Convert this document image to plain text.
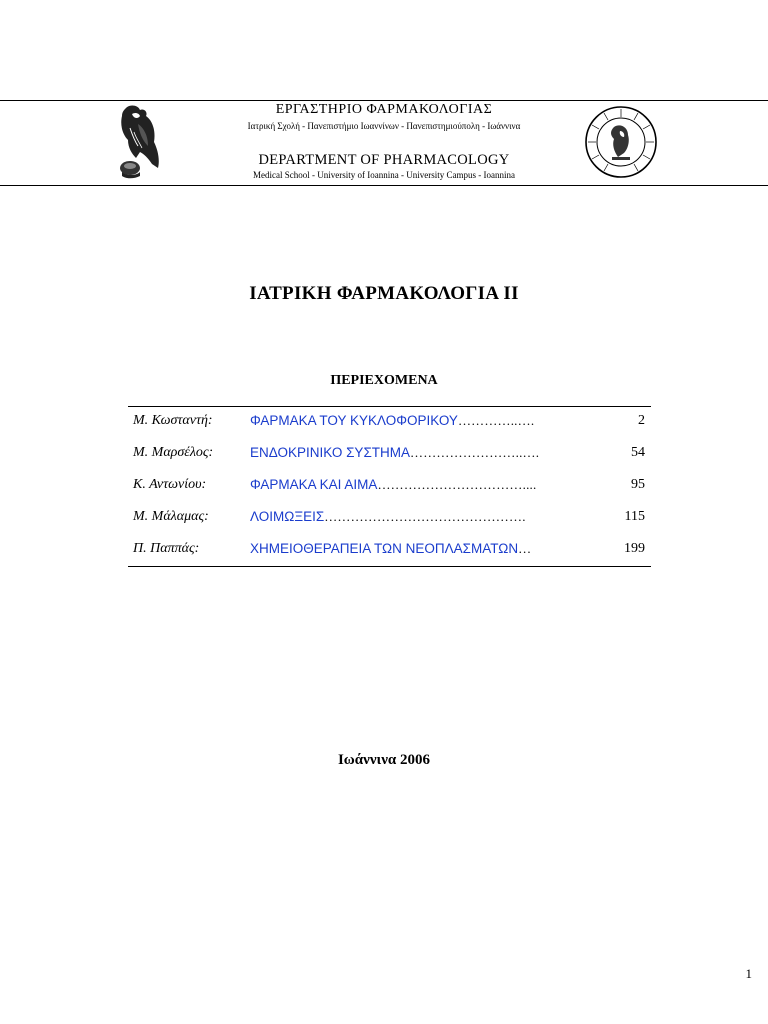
ΕΡΓΑΣΤΗΡΙΟ ΦΑΡΜΑΚΟΛΟΓΙΑΣ
Ιατρική Σχολή - Πανεπιστήμιο Ιωαννίνων - Πανεπιστημιούπολη - Ιωάννινα
DEPARTMENT OF PHARMACOLOGY
Medical School - University of Ioannina - University Campus - Ioannina
ΙΑΤΡΙΚΗ ΦΑΡΜΑΚΟΛΟΓΙΑ ΙΙ
ΠΕΡΙΕΧΟΜΕΝΑ
Μ. Κωσταντή:	ΦΑΡΜΑΚΑ ΤΟΥ ΚΥΚΛΟΦΟΡΙΚΟΥ…………..….	2
Μ. Μαρσέλος:	ΕΝΔΟΚΡΙΝΙΚΟ ΣΥΣΤΗΜΑ……………………..….	54
Κ. Αντωνίου:	ΦΑΡΜΑΚΑ ΚΑΙ ΑΙΜΑ……………………………....	95
Μ. Μάλαμας:	ΛΟΙΜΩΞΕΙΣ……………………………………….	115
Π. Παππάς:	ΧΗΜΕΙΟΘΕΡΑΠΕΙΑ ΤΩΝ ΝΕΟΠΛΑΣΜΑΤΩΝ…	199
Ιωάννινα 2006
1
